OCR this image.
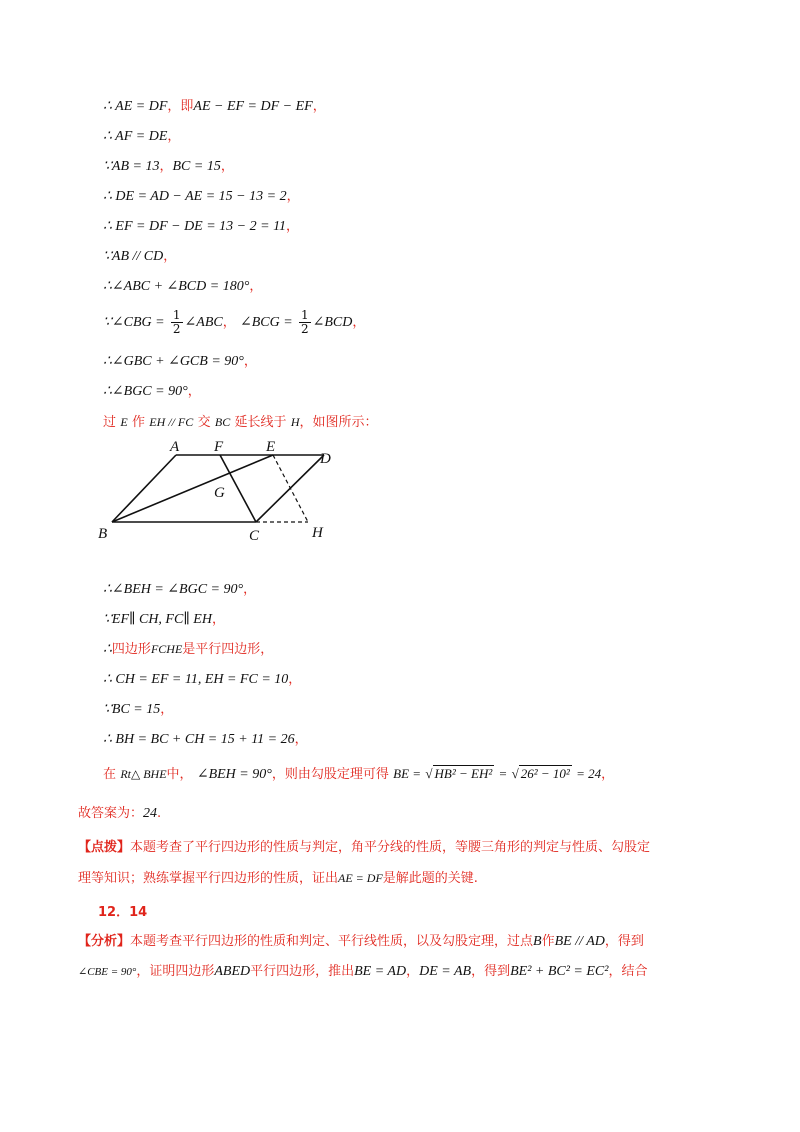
∴ AE = DF，即AE − EF = DF − EF，
∴ AF = DE，
∵AB = 13，BC = 15，
∴ DE = AD − AE = 15 − 13 = 2，
∴ EF = DF − DE = 13 − 2 = 11，
∵AB // CD，
∴∠ABC + ∠BCD = 180°，
∵∠CBG = $\frac{1}{2}$ ∠ABC， ∠BCG = $\frac{1}{2}$ ∠BCD，
∴∠GBC + ∠GCB = 90°，
∴∠BGC = 90°，
过 E 作 EH // FC 交 BC 延长线于 H，如图所示：
A F	E
D
G
B	C	H
∴∠BEH = ∠BGC = 90°，
∵EF∥ CH, FC∥ EH，
∴四边形FCHE是平行四边形，
∴ CH = EF = 11, EH = FC = 10，
∵BC = 15，
∴ BH = BC + CH = 15 + 11 = 26，
在 Rt△ BHE中， ∠BEH = 90°，则由勾股定理可得 BE = √ HB² − EH² = √ 26² − 10² = 24，
故答案为：24.
【点拨】本题考查了平行四边形的性质与判定，角平分线的性质，等腰三角形的判定与性质、勾股定
理等知识；熟练掌握平行四边形的性质，证出AE = DF是解此题的关键.
12．14
【分析】本题考查平行四边形的性质和判定、平行线性质，以及勾股定理，过点B作BE // AD，得到
∠CBE = 90°，证明四边形ABED平行四边形，推出BE = AD，DE = AB，得到BE² + BC² = EC²，结合
